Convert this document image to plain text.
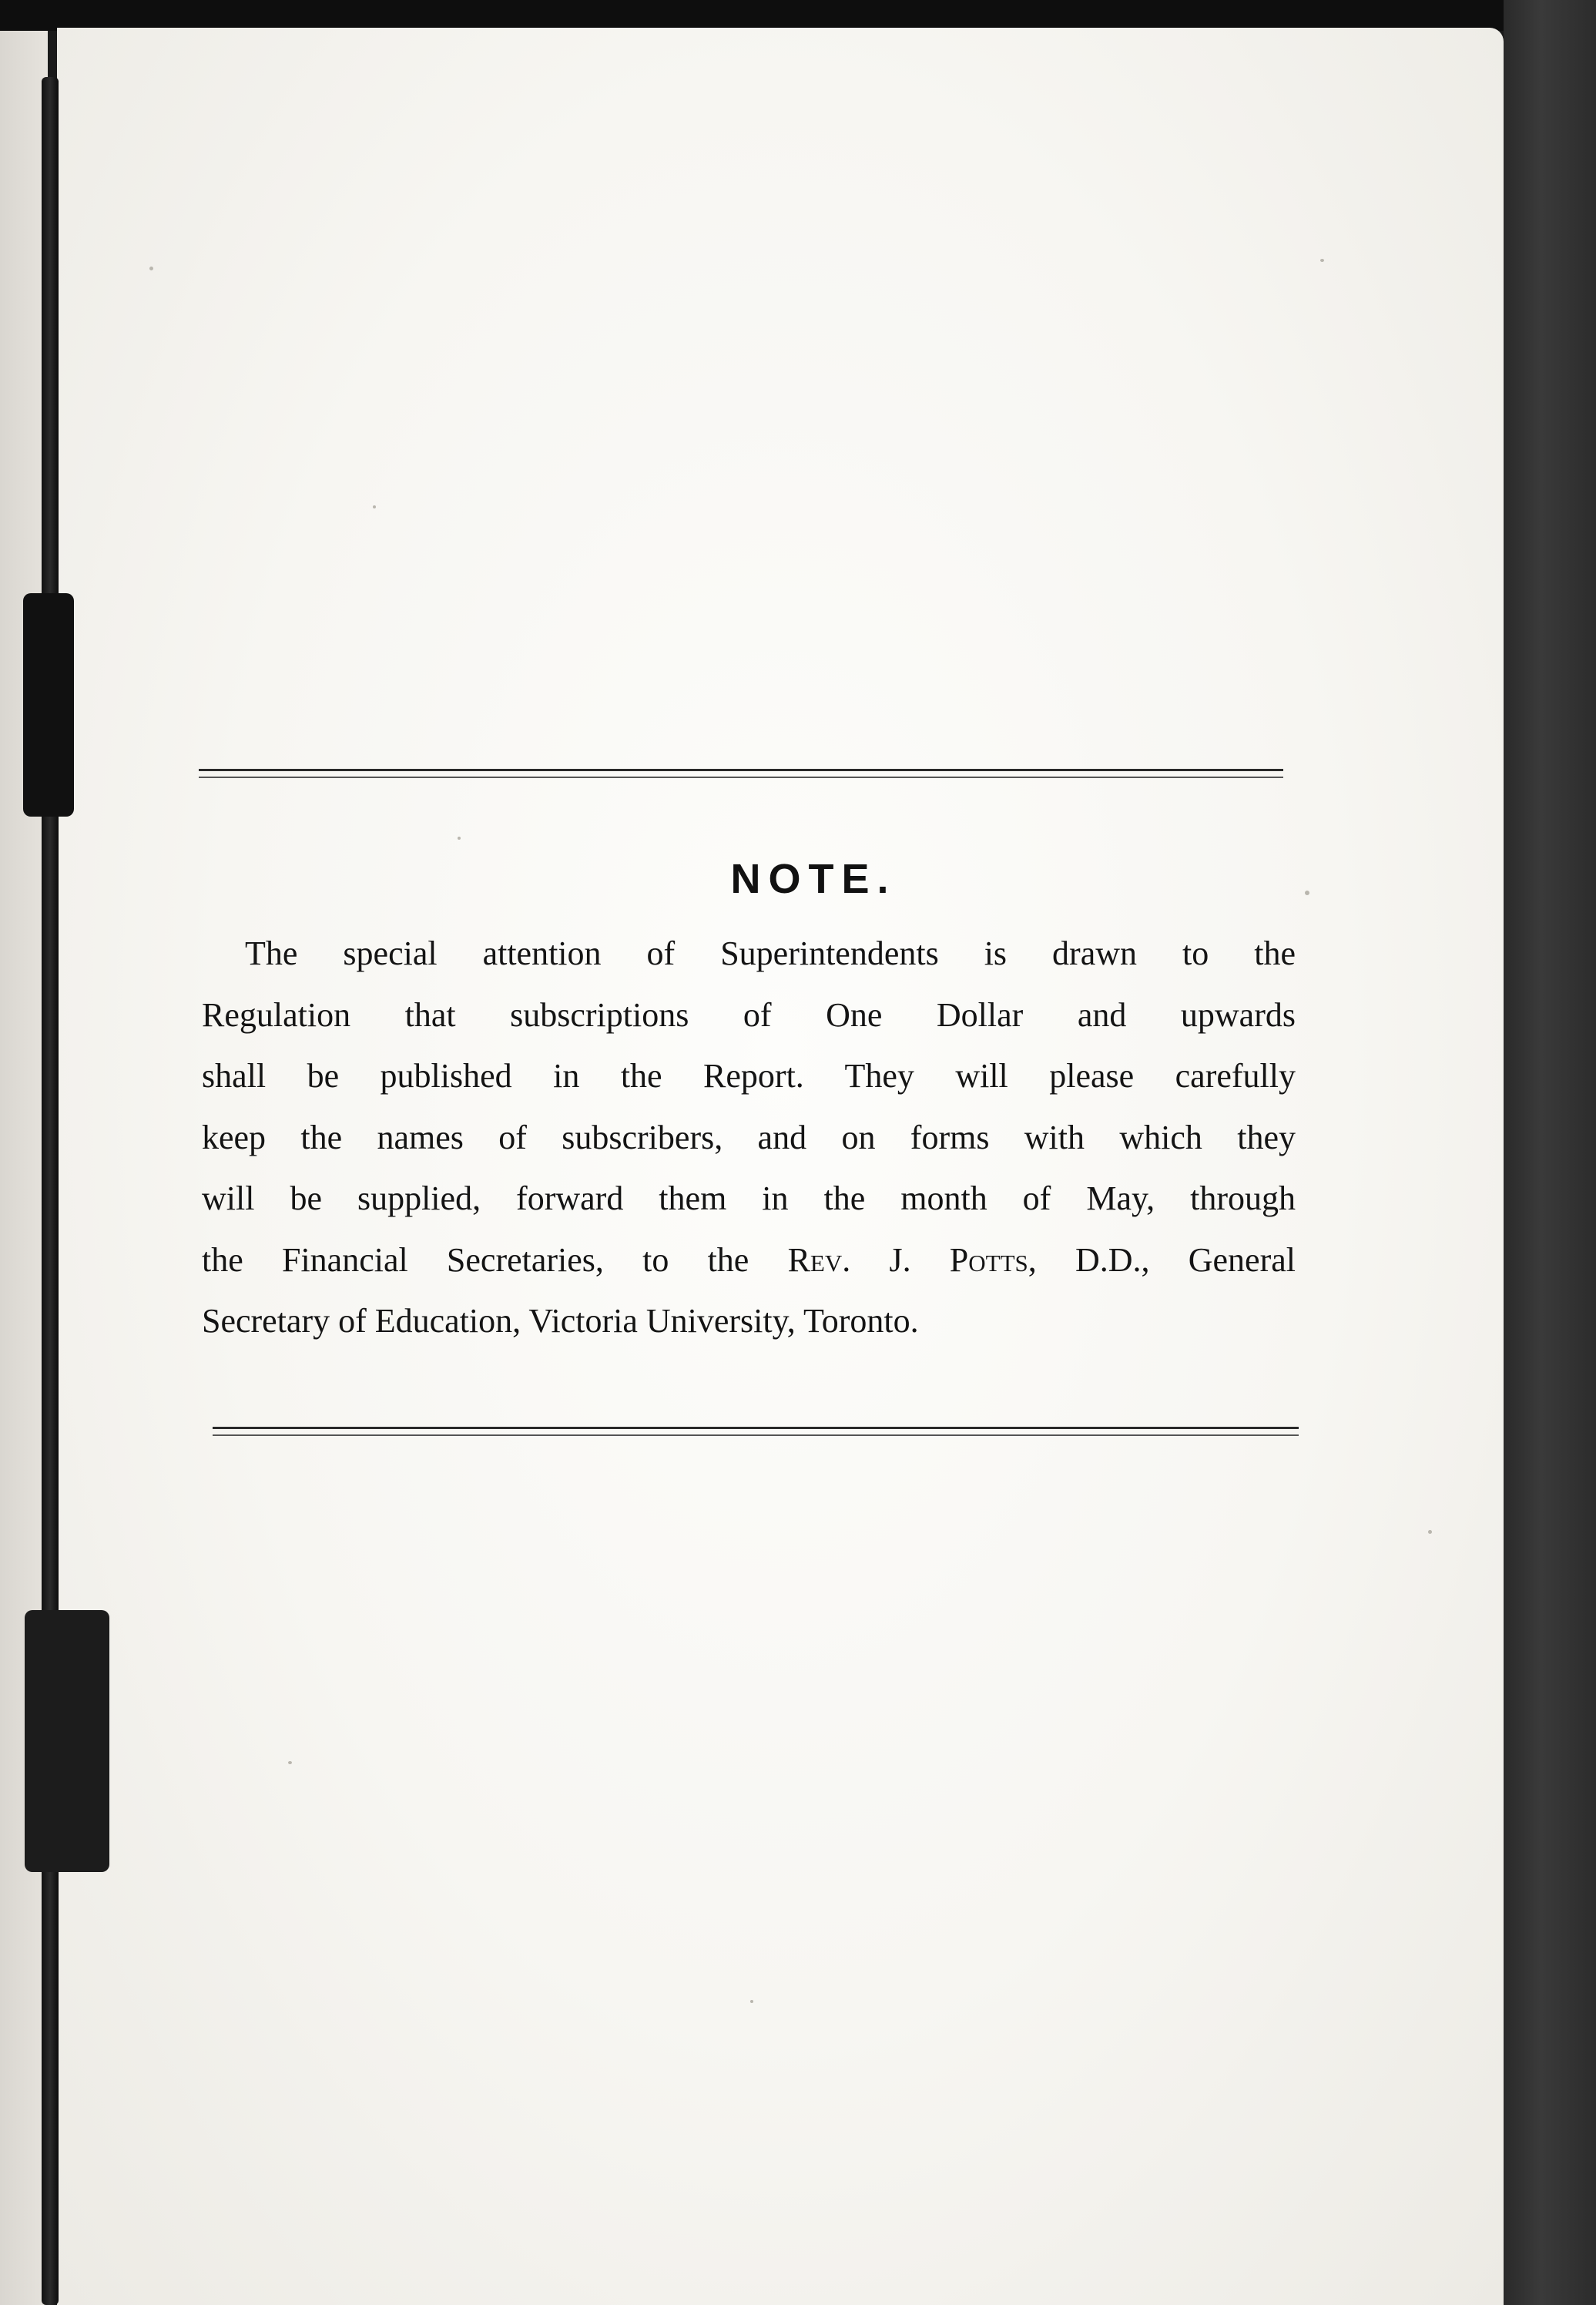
NOTE.
The special attention of Superintendents is drawn to the
Regulation that subscriptions of One Dollar and upwards
shall be published in the Report. They will please carefully
keep the names of subscribers, and on forms with which they
will be supplied, forward them in the month of May, through
the Financial Secretaries, to the Rev. J. Potts, D.D., General
Secretary of Education, Victoria University, Toronto.
